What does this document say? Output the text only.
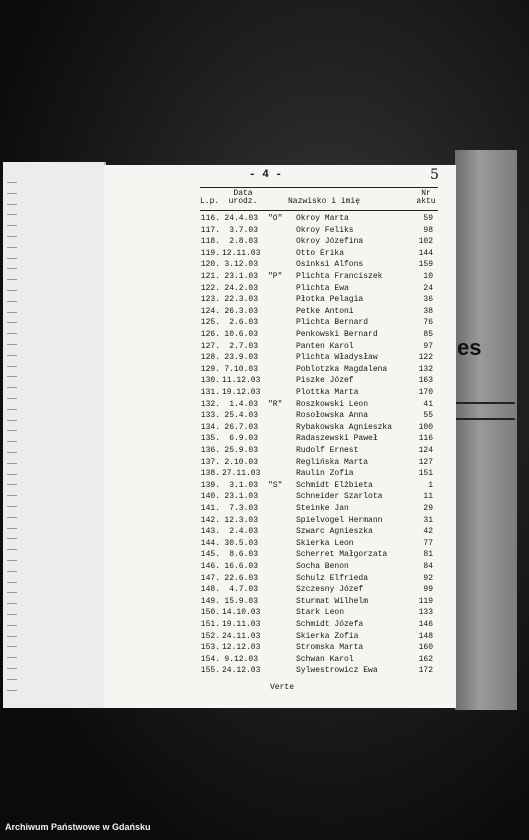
es
- 4 -	5
L.p.
Data urodz.	Nazwisko i imię
Nr aktu
116. 24.4.03 "O" Okroy Marta	59
117.	3.7.03	Okroy Feliks	98
118.	2.8.03	Okroy Józefina	102
119. 12.11.03	Otto Erika	144
120. 3.12.03	Osinksi Alfons	159
121. 23.1.03 "P" Plichta Franciszek	10
122. 24.2.03	Plichta Ewa	24
123. 22.3.03	Płotka Pelagia	36
124. 26.3.03	Petke Antoni	38
125.	2.6.03	Plichta Bernard	76
126. 10.6.03	Penkowski Bernard	85
127.	2.7.03	Panten Karol	97
128. 23.9.03	Plichta Władysław	122
129. 7.10.03	Poblotzka Magdalena	132
130. 11.12.03	Piszke Józef	163
131. 19.12.03	Plottka Marta	170
132.	1.4.03 "R" Roszkowski Leon	41
133. 25.4.03	Rosołowska Anna	55
134. 26.7.03	Rybakowska Agnieszka	100
135.	6.9.03	Radaszewski Paweł	116
136. 25.9.03	Rudolf Ernest	124
137. 2.10.03	Reglińska Marta	127
138. 27.11.03	Raulin Zofia	151
139.	3.1.03 "S" Schmidt Elżbieta	1
140. 23.1.03	Schneider Szarlota	11
141.	7.3.03	Steinke Jan	29
142. 12.3.03	Spielvogel Hermann	31
143.	2.4.03	Szwarc Agnieszka	42
144. 30.5.03	Skierka Leon	77
145.	8.6.03	Scherret Małgorzata	81
146. 16.6.03	Socha Benon	84
147. 22.6.03	Schulz Elfrieda	92
148.	4.7.03	Szczesny Józef	99
149. 15.9.03	Sturmat Wilhelm	119
150. 14.10.03	Stark Leon	133
151. 19.11.03	Schmidt Józefa	146
152. 24.11.03	Skierka Zofia	148
153. 12.12.03	Stromska Marta	160
154. 9.12.03	Schwan Karol	162
155. 24.12.03	Sylwestrowicz Ewa	172
Verte
Archiwum Państwowe w Gdańsku
